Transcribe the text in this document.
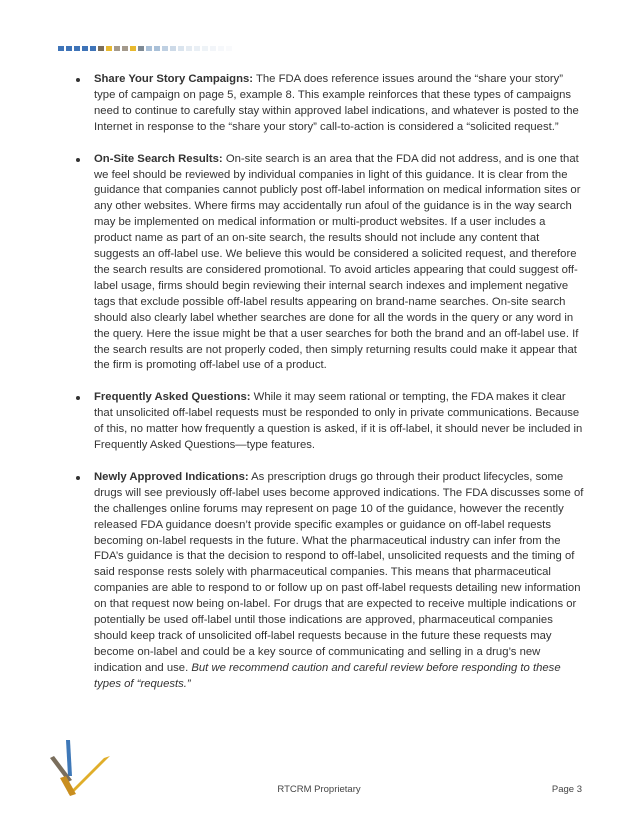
Share Your Story Campaigns: The FDA does reference issues around the “share your story” type of campaign on page 5, example 8. This example reinforces that these types of campaigns need to continue to carefully stay within approved label indications, and whatever is posted to the Internet in response to the “share your story” call-to-action is considered a “solicited request.”
On-Site Search Results: On-site search is an area that the FDA did not address, and is one that we feel should be reviewed by individual companies in light of this guidance. It is clear from the guidance that companies cannot publicly post off-label information on medical information sites or any other websites. Where firms may accidentally run afoul of the guidance is in the way search may be implemented on medical information or multi-product websites. If a user includes a product name as part of an on-site search, the results should not include any content that suggests an off-label use. We believe this would be considered a solicited request, and therefore the search results are considered promotional. To avoid articles appearing that could suggest off-label usage, firms should begin reviewing their internal search indexes and implement negative tags that exclude possible off-label results appearing on brand-name searches. On-site search should also clearly label whether searches are done for all the words in the query or any word in the query. Here the issue might be that a user searches for both the brand and an off-label use. If the search results are not properly coded, then simply returning results could make it appear that the firm is promoting off-label use of a product.
Frequently Asked Questions: While it may seem rational or tempting, the FDA makes it clear that unsolicited off-label requests must be responded to only in private communications. Because of this, no matter how frequently a question is asked, if it is off-label, it should never be included in Frequently Asked Questions—type features.
Newly Approved Indications: As prescription drugs go through their product lifecycles, some drugs will see previously off-label uses become approved indications. The FDA discusses some of the challenges online forums may represent on page 10 of the guidance, however the recently released FDA guidance doesn’t provide specific examples or guidance on off-label requests becoming on-label requests in the future. What the pharmaceutical industry can infer from the FDA’s guidance is that the decision to respond to off-label, unsolicited requests and the timing of said response rests solely with pharmaceutical companies. This means that pharmaceutical companies are able to respond to or follow up on past off-label requests detailing new information on that request now being on-label. For drugs that are expected to receive multiple indications or potentially be used off-label until those indications are approved, pharmaceutical companies should keep track of unsolicited off-label requests because in the future these requests may become on-label and could be a key source of communicating and selling in a drug’s new indication and use. But we recommend caution and careful review before responding to these types of “requests.”
RTCRM Proprietary	Page 3
